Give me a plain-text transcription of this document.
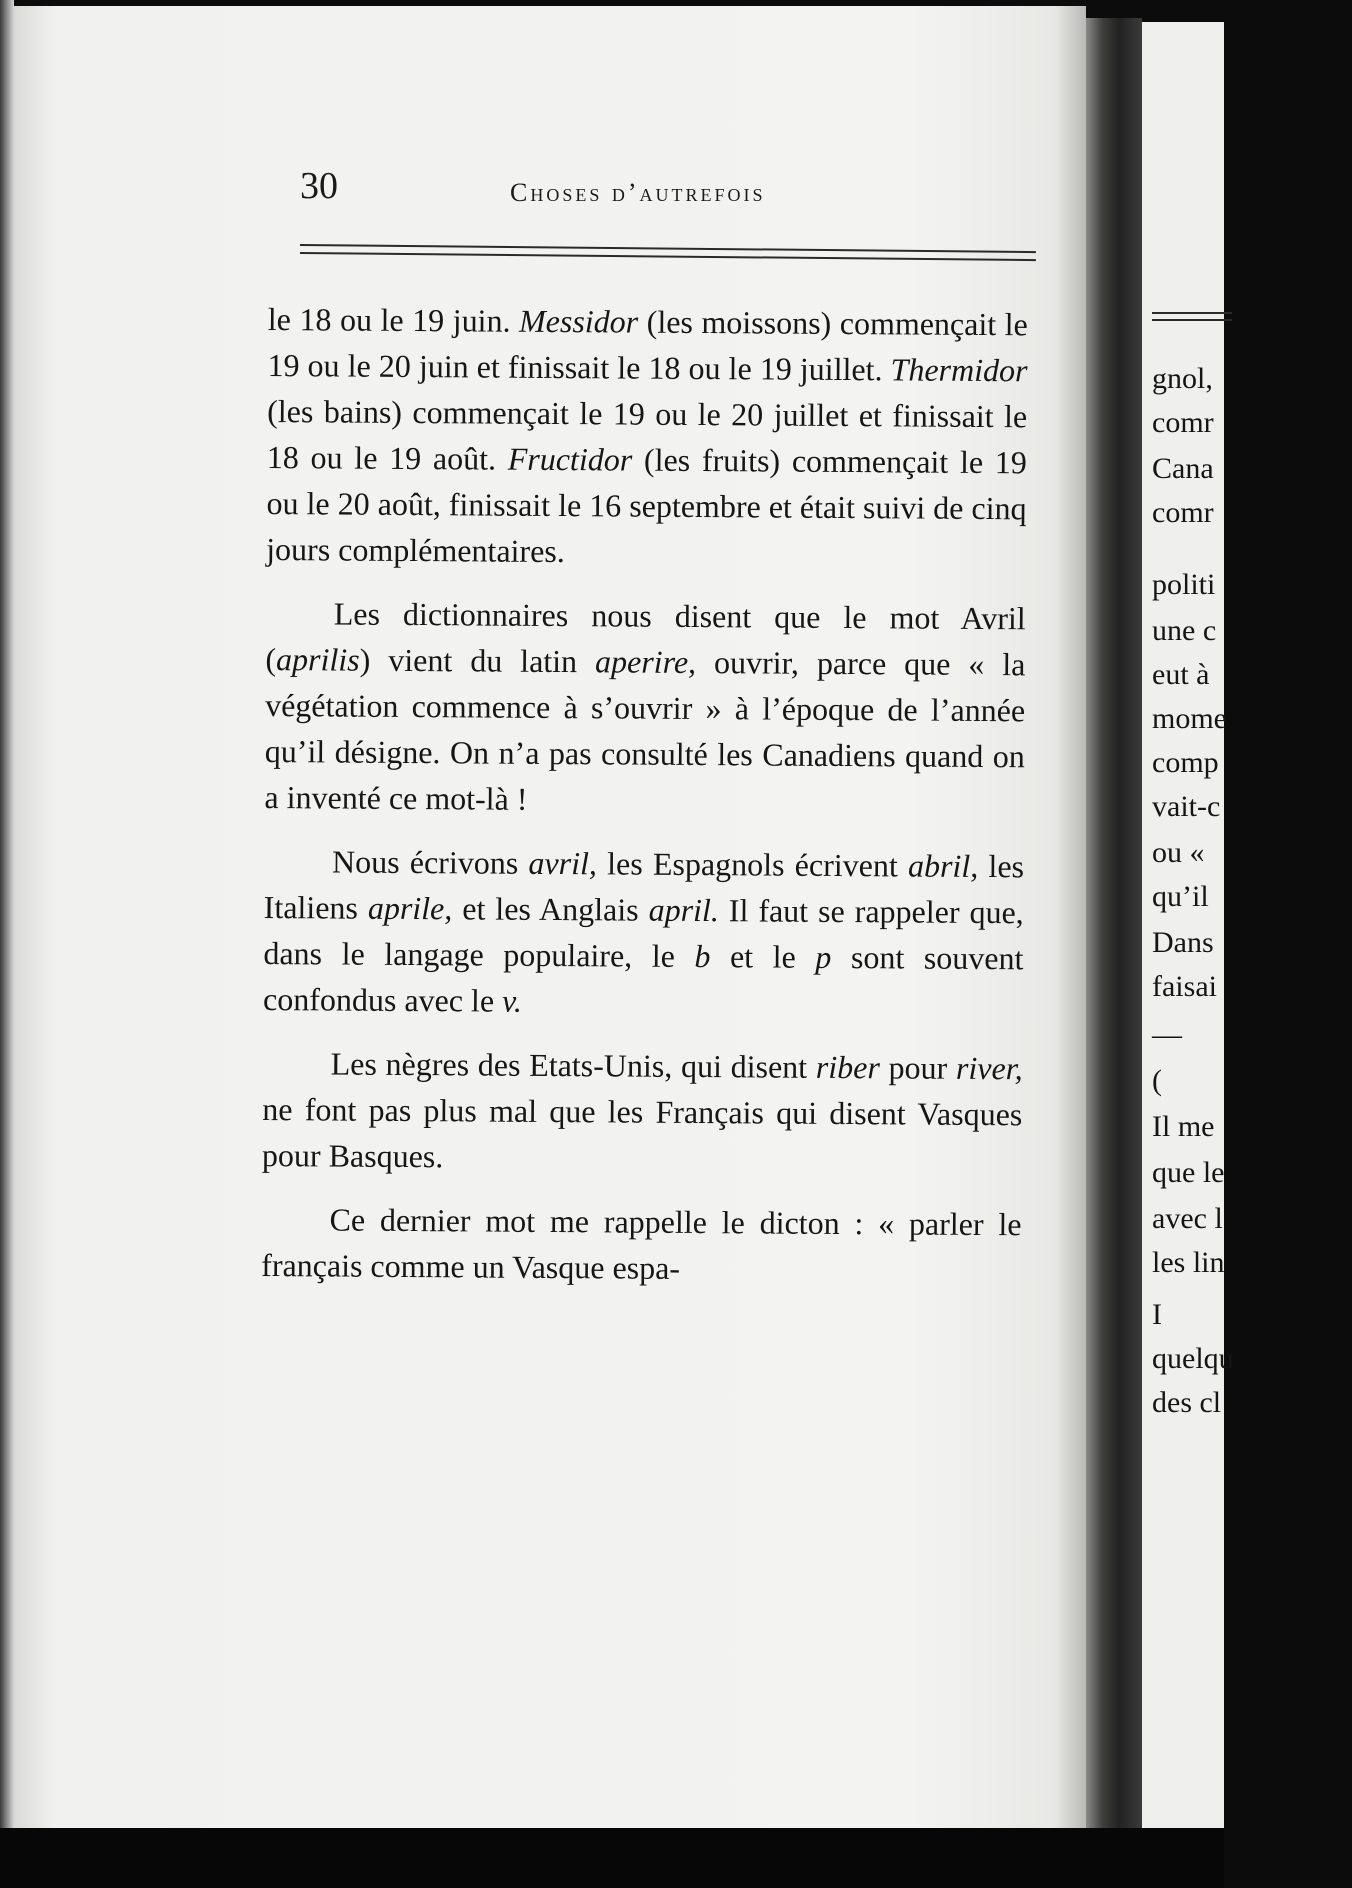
30	Choses d’autrefois

le 18 ou le 19 juin. Messidor (les moissons) commençait le 19 ou le 20 juin et finissait le 18 ou le 19 juillet. Thermidor (les bains) commençait le 19 ou le 20 juillet et finissait le 18 ou le 19 août. Fructidor (les fruits) commençait le 19 ou le 20 août, finissait le 16 septembre et était suivi de cinq jours complémentaires.

Les dictionnaires nous disent que le mot Avril (aprilis) vient du latin aperire, ouvrir, parce que « la végétation commence à s’ouvrir » à l’époque de l’année qu’il désigne. On n’a pas consulté les Canadiens quand on a inventé ce mot-là !

Nous écrivons avril, les Espagnols écrivent abril, les Italiens aprile, et les Anglais april. Il faut se rappeler que, dans le langage populaire, le b et le p sont souvent confondus avec le v.

Les nègres des Etats-Unis, qui disent riber pour river, ne font pas plus mal que les Français qui disent Vasques pour Basques.

Ce dernier mot me rappelle le dicton : « parler le français comme un Vasque espa-

gnol,
comr
Cana
comr
politi
une c
eut à
mome
comp
vait-c
ou «
qu’il
Dans
faisai
—
(
Il me
que le
avec l
les lin
I
quelqu
des cl
